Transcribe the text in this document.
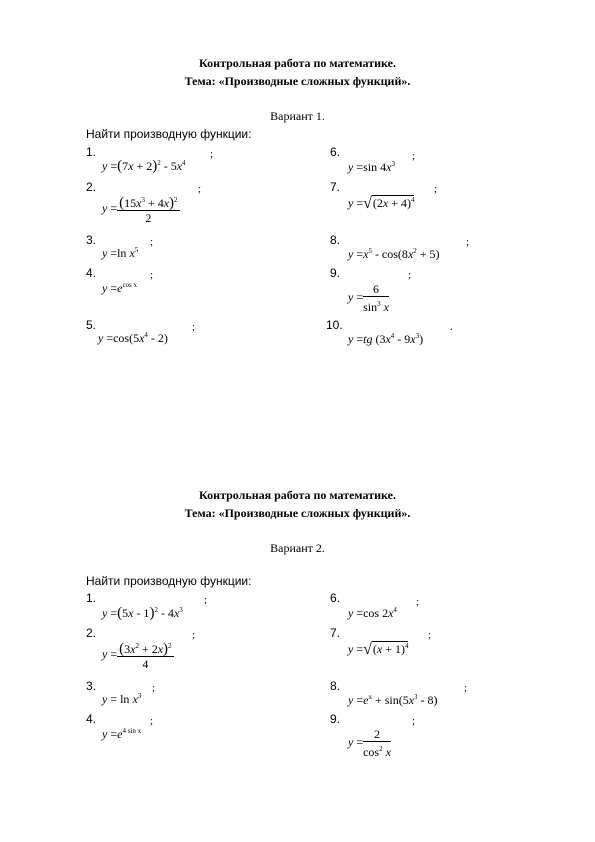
Контрольная работа по математике.
Тема: «Производные сложных функций».
Вариант 1.
Найти производную функции:
1.
$y =(7x + 2)^2 - 5x^4$
;
2.
$y = \frac{(15x^3 + 4x)^2}{2}$
;
3.
y =ln $x^5$
;
4.
$y =e^{cos x}$
;
5.
$y =\cos(5x^4 - 2)$
;
6.
y =sin $4x^3$
;
7.
$y =√(2x + 4)^4$
;
8.
$y =x^5 - \cos(8x^2 + 5)$
;
9.
$y = \frac{6}{\sin^3 x}$
;
10.
y =tg $(3x^4 - 9x^3)$
.
Контрольная работа по математике.
Тема: «Производные сложных функций».
Вариант 2.
Найти производную функции:
1.
$y =(5x - 1)^2 - 4x^3$
;
2.
$y = \frac{(3x^2 + 2x)^2}{4}$
;
3.
$y = \ln x^3$
;
4.
$y =e^{4 sin x}$
;
6.
y =cos $2x^4$
;
7.
$y =√(x + 1)^4$
;
8.
$y =e^x + \sin(5x^3 - 8)$
;
9.
$y = \frac{2}{\cos^2 x}$
;
